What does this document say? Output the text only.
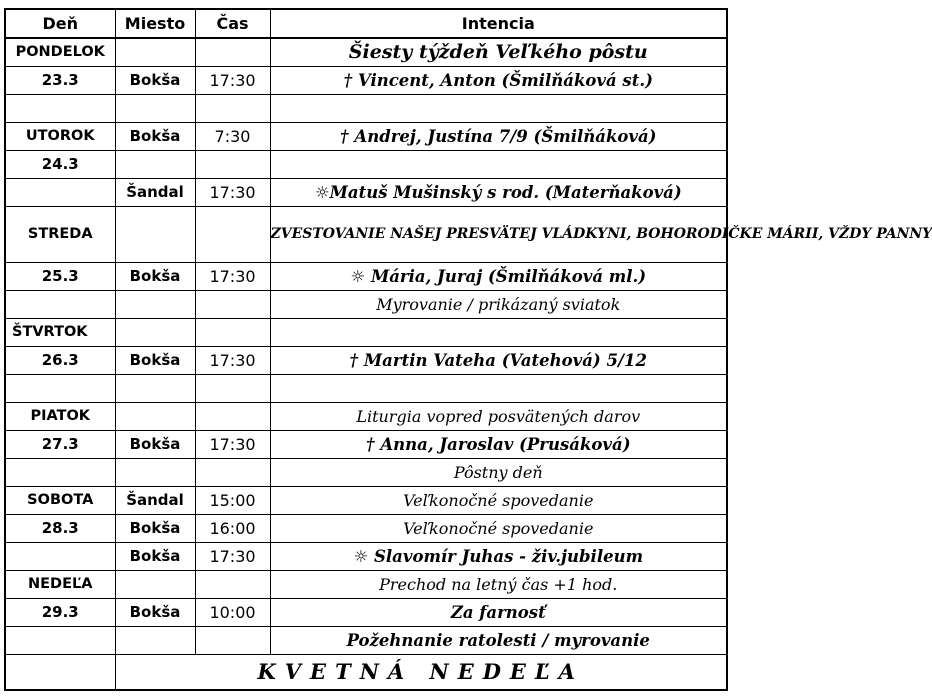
Deň	Miesto	Čas	Intencia
PONDELOK			Šiesty týždeň Veľkého pôstu
23.3	Bokša	17:30	† Vincent, Anton (Šmilňáková st.)

UTOROK	Bokša	7:30	† Andrej, Justína 7/9 (Šmilňáková)
24.3			
	Šandal	17:30	☼Matuš Mušinský s rod. (Materňaková)
STREDA			ZVESTOVANIE NAŠEJ PRESVÄTEJ VLÁDKYNI, BOHORODIČKE MÁRII, VŽDY PANNY
25.3	Bokša	17:30	☼ Mária, Juraj (Šmilňáková ml.)
			Myrovanie / prikázaný sviatok
ŠTVRTOK			
26.3	Bokša	17:30	† Martin Vateha (Vatehová) 5/12

PIATOK			Liturgia vopred posvätených darov
27.3	Bokša	17:30	† Anna, Jaroslav (Prusáková)
			Pôstny deň
SOBOTA	Šandal	15:00	Veľkonočné spovedanie
28.3	Bokša	16:00	Veľkonočné spovedanie
	Bokša	17:30	☼ Slavomír Juhas - živ.jubileum
NEDEĽA			Prechod na letný čas +1 hod.
29.3	Bokša	10:00	Za farnosť
			Požehnanie ratolesti / myrovanie
	KVETNÁ NEDEĽA		
